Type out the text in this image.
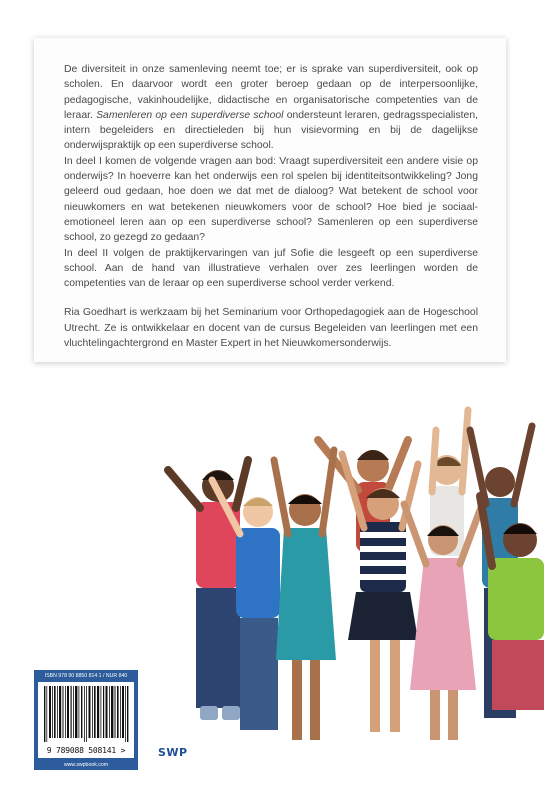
De diversiteit in onze samenleving neemt toe; er is sprake van superdiversiteit, ook op scholen. En daarvoor wordt een groter beroep gedaan op de interpersoonlijke, pedagogische, vakinhoudelijke, didactische en organisatorische competenties van de leraar. Samenleren op een superdiverse school ondersteunt leraren, gedragsspecialisten, intern begeleiders en directieleden bij hun visievorming en bij de dagelijkse onderwijspraktijk op een superdiverse school.

In deel I komen de volgende vragen aan bod: Vraagt superdiversiteit een andere visie op onderwijs? In hoeverre kan het onderwijs een rol spelen bij identiteitsontwikkeling? Jong geleerd oud gedaan, hoe doen we dat met de dialoog? Wat betekent de school voor nieuwkomers en wat betekenen nieuwkomers voor de school? Hoe bied je sociaal-emotioneel leren aan op een superdiverse school? Samenleren op een superdiverse school, zo gezegd zo gedaan?

In deel II volgen de praktijkervaringen van juf Sofie die lesgeeft op een superdiverse school. Aan de hand van illustratieve verhalen over zes leerlingen worden de competenties van de leraar op een superdiverse school verder verkend.

Ria Goedhart is werkzaam bij het Seminarium voor Orthopedagogiek aan de Hogeschool Utrecht. Ze is ontwikkelaar en docent van de cursus Begeleiden van leerlingen met een vluchtelingachtergrond en Master Expert in het Nieuwkomersonderwijs.

ISBN 978 90 8850 814 1 / NUR 840
9 789088 508141 >
www.swpbook.com
SWP
